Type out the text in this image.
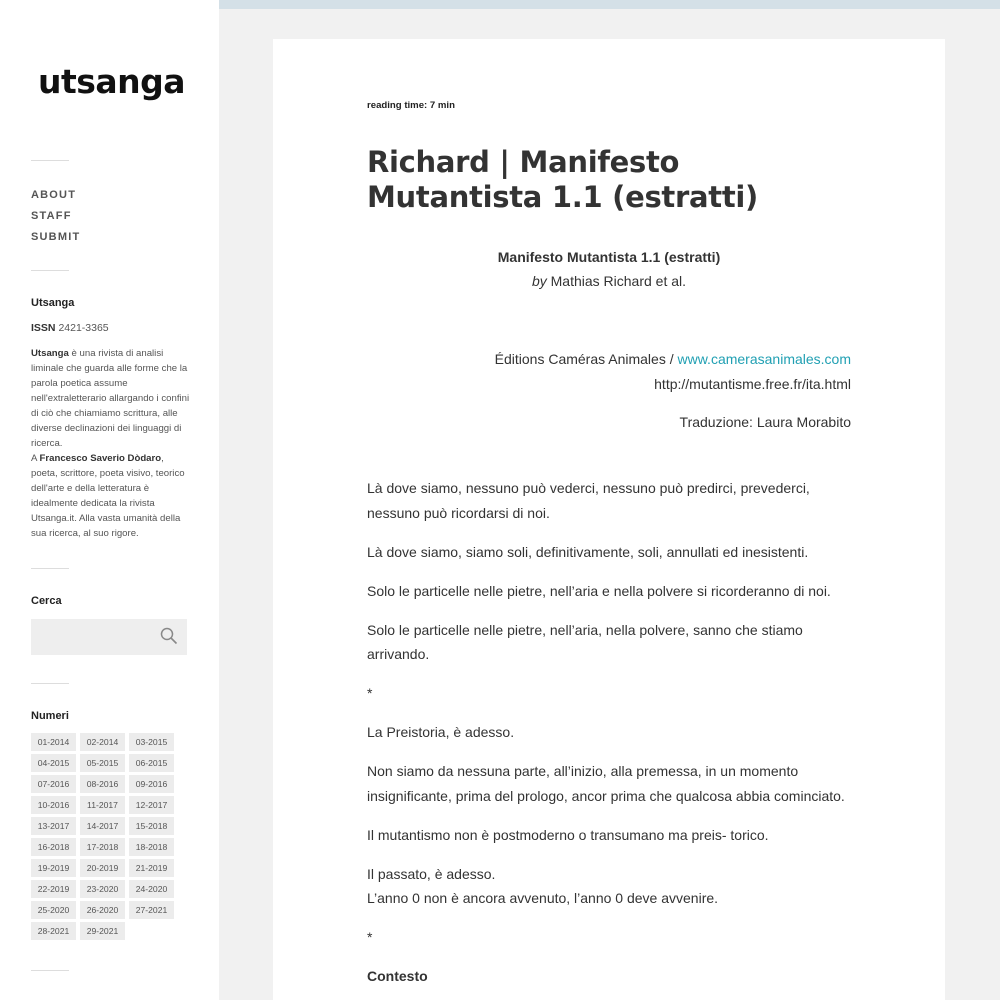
utsanga
ABOUT
STAFF
SUBMIT
Utsanga
ISSN 2421-3365
Utsanga è una rivista di analisi liminale che guarda alle forme che la parola poetica assume nell'extraletterario allargando i confini di ciò che chiamiamo scrittura, alle diverse declinazioni dei linguaggi di ricerca.
A Francesco Saverio Dòdaro, poeta, scrittore, poeta visivo, teorico dell'arte e della letteratura è idealmente dedicata la rivista Utsanga.it. Alla vasta umanità della sua ricerca, al suo rigore.
Cerca
Numeri
01-2014	02-2014	03-2015
04-2015	05-2015	06-2015
07-2016	08-2016	09-2016
10-2016	11-2017	12-2017
13-2017	14-2017	15-2018
16-2018	17-2018	18-2018
19-2019	20-2019	21-2019
22-2019	23-2020	24-2020
25-2020	26-2020	27-2021
28-2021	29-2021
reading time: 7 min
Richard | Manifesto Mutantista 1.1 (estratti)
Manifesto Mutantista 1.1 (estratti)
by Mathias Richard et al.
Éditions Caméras Animales / www.camerasanimales.com
http://mutantisme.free.fr/ita.html
Traduzione: Laura Morabito

Là dove siamo, nessuno può vederci, nessuno può predirci, prevederci, nessuno può ricordarsi di noi.

Là dove siamo, siamo soli, definitivamente, soli, annullati ed inesistenti.

Solo le particelle nelle pietre, nell’aria e nella polvere si ricorderanno di noi.

Solo le particelle nelle pietre, nell’aria, nella polvere, sanno che stiamo arrivando.

*

La Preistoria, è adesso.

Non siamo da nessuna parte, all’inizio, alla premessa, in un momento insignificante, prima del prologo, ancor prima che qualcosa abbia cominciato.

Il mutantismo non è postmoderno o transumano ma preis- torico.

Il passato, è adesso.
L’anno 0 non è ancora avvenuto, l’anno 0 deve avvenire.

*

Contesto
